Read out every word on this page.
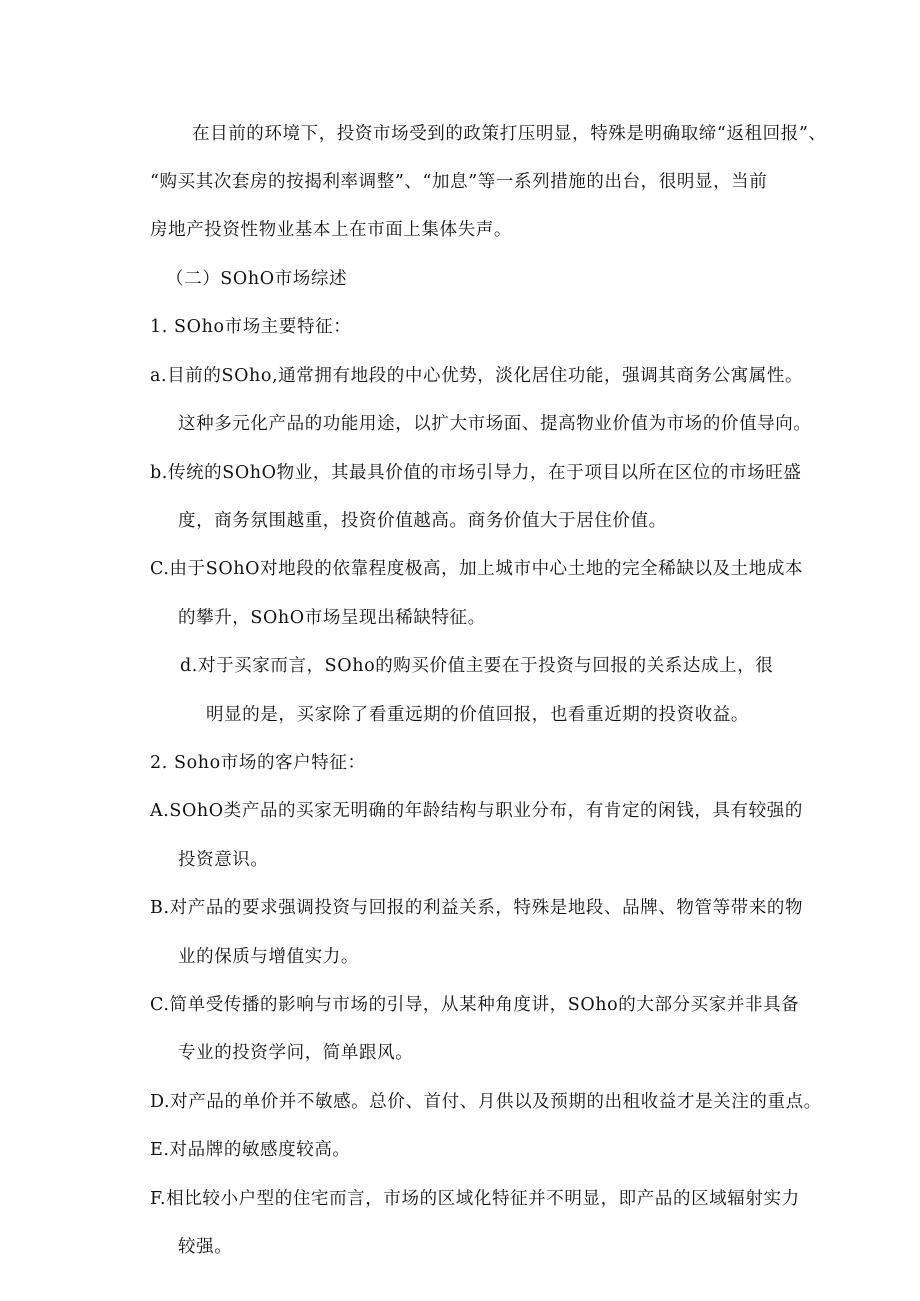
在目前的环境下，投资市场受到的政策打压明显，特殊是明确取缔“返租回报”、
“购买其次套房的按揭利率调整”、“加息”等一系列措施的出台，很明显，当前
房地产投资性物业基本上在市面上集体失声。
（二）SOhO市场综述
1. SOho市场主要特征：
a.目前的SOho,通常拥有地段的中心优势，淡化居住功能，强调其商务公寓属性。
这种多元化产品的功能用途，以扩大市场面、提高物业价值为市场的价值导向。
b.传统的SOhO物业，其最具价值的市场引导力，在于项目以所在区位的市场旺盛
度，商务氛围越重，投资价值越高。商务价值大于居住价值。
C.由于SOhO对地段的依靠程度极高，加上城市中心土地的完全稀缺以及土地成本
的攀升，SOhO市场呈现出稀缺特征。
d.对于买家而言，SOho的购买价值主要在于投资与回报的关系达成上，很
明显的是，买家除了看重远期的价值回报，也看重近期的投资收益。
2. Soho市场的客户特征：
A.SOhO类产品的买家无明确的年龄结构与职业分布，有肯定的闲钱，具有较强的
投资意识。
B.对产品的要求强调投资与回报的利益关系，特殊是地段、品牌、物管等带来的物
业的保质与增值实力。
C.简单受传播的影响与市场的引导，从某种角度讲，SOho的大部分买家并非具备
专业的投资学问，简单跟风。
D.对产品的单价并不敏感。总价、首付、月供以及预期的出租收益才是关注的重点。
E.对品牌的敏感度较高。
F.相比较小户型的住宅而言，市场的区域化特征并不明显，即产品的区域辐射实力
较强。
